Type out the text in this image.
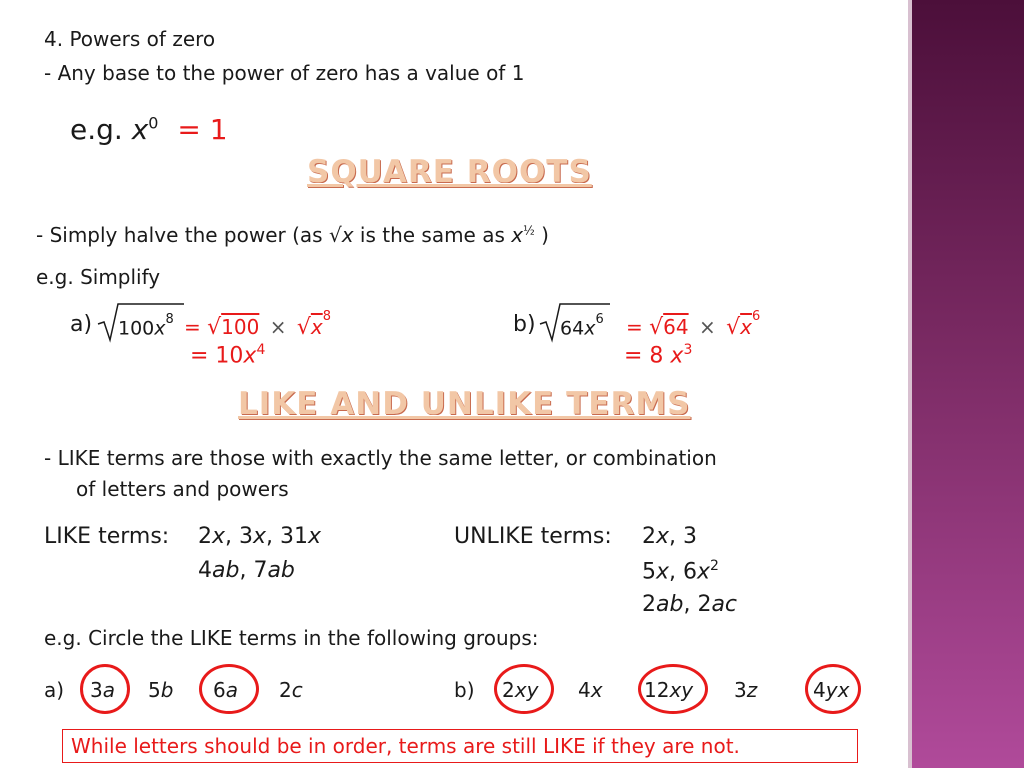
4. Powers of zero
- Any base to the power of zero has a value of 1
e.g. $x^0 = 1$
SQUARE ROOTS
- Simply halve the power (as √x is the same as $x^{\frac{1}{2}}$ )
e.g. Simplify
a) $100x^8 = √100 \times √x^8$
= $10x^4$
b) $64x^6 = √64 \times √x^6$
= 8 $x^3$
LIKE AND UNLIKE TERMS
- LIKE terms are those with exactly the same letter, or combination
of letters and powers
LIKE terms: 2x, 3x, 31x
4ab, 7ab
UNLIKE terms: 2x, 3
5x, $6x^2$
2ab, 2ac
e.g. Circle the LIKE terms in the following groups:
a) 3a 5b 6a 2c	b) 2xy 4x 12xy 3z	4yx
While letters should be in order, terms are still LIKE if they are not.
